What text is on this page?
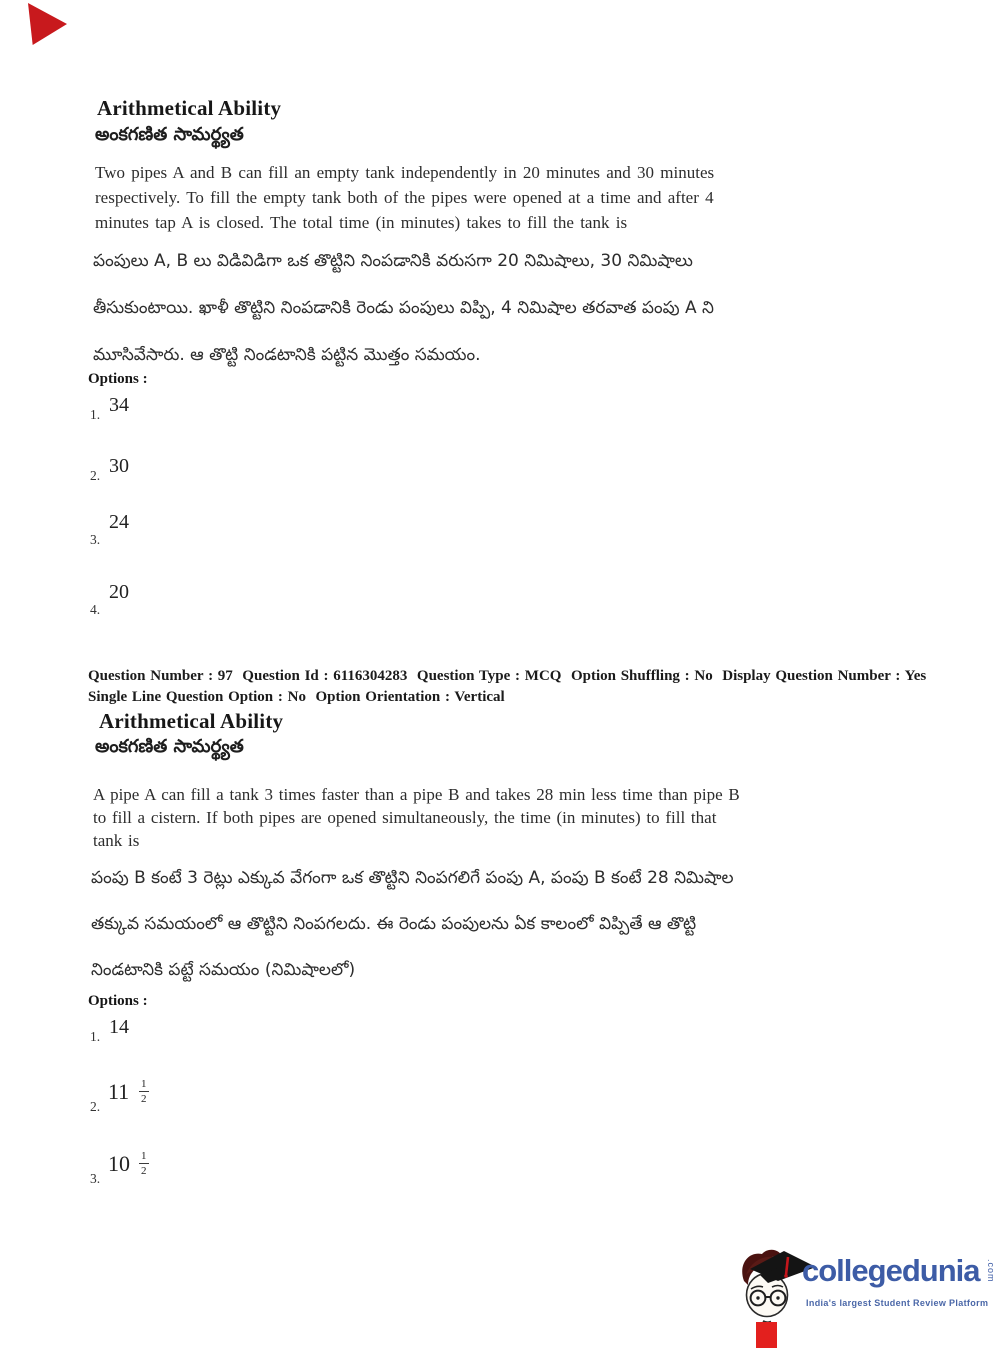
Arithmetical Ability
అంకగణిత సామర్థ్యత
Two pipes A and B can fill an empty tank independently in 20 minutes and 30 minutes
respectively. To fill the empty tank both of the pipes were opened at a time and after 4
minutes tap A is closed. The total time (in minutes) takes to fill the tank is
పంపులు A, B లు విడివిడిగా ఒక తొట్టిని నింపడానికి వరుసగా 20 నిమిషాలు, 30 నిమిషాలు
తీసుకుంటాయి. ఖాళీ తొట్టిని నింపడానికి రెండు పంపులు విప్పి, 4 నిమిషాల తరవాత పంపు A ని
మూసివేసారు. ఆ తొట్టి నిండటానికి పట్టిన మొత్తం సమయం.
Options :
1. 34
2. 30
3.
24
4.
20
Question Number : 97  Question Id : 6116304283  Question Type : MCQ  Option Shuffling : No  Display Question Number : Yes
Single Line Question Option : No  Option Orientation : Vertical
Arithmetical Ability
అంకగణిత సామర్థ్యత
A pipe A can fill a tank 3 times faster than a pipe B and takes 28 min less time than pipe B
to fill a cistern. If both pipes are opened simultaneously, the time (in minutes) to fill that
tank is
పంపు B కంటే 3 రెట్లు ఎక్కువ వేగంగా ఒక తొట్టిని నింపగలిగే పంపు A, పంపు B కంటే 28 నిమిషాల
తక్కువ సమయంలో ఆ తొట్టిని నింపగలదు. ఈ రెండు పంపులను ఏక కాలంలో విప్పితే ఆ తొట్టి
నిండటానికి పట్టే సమయం (నిమిషాలలో)
Options :
1. 14
2.
$11 \frac{1}{2}$
3.
$10 \frac{1}{2}$
collegedunia .com
India's largest Student Review Platform
